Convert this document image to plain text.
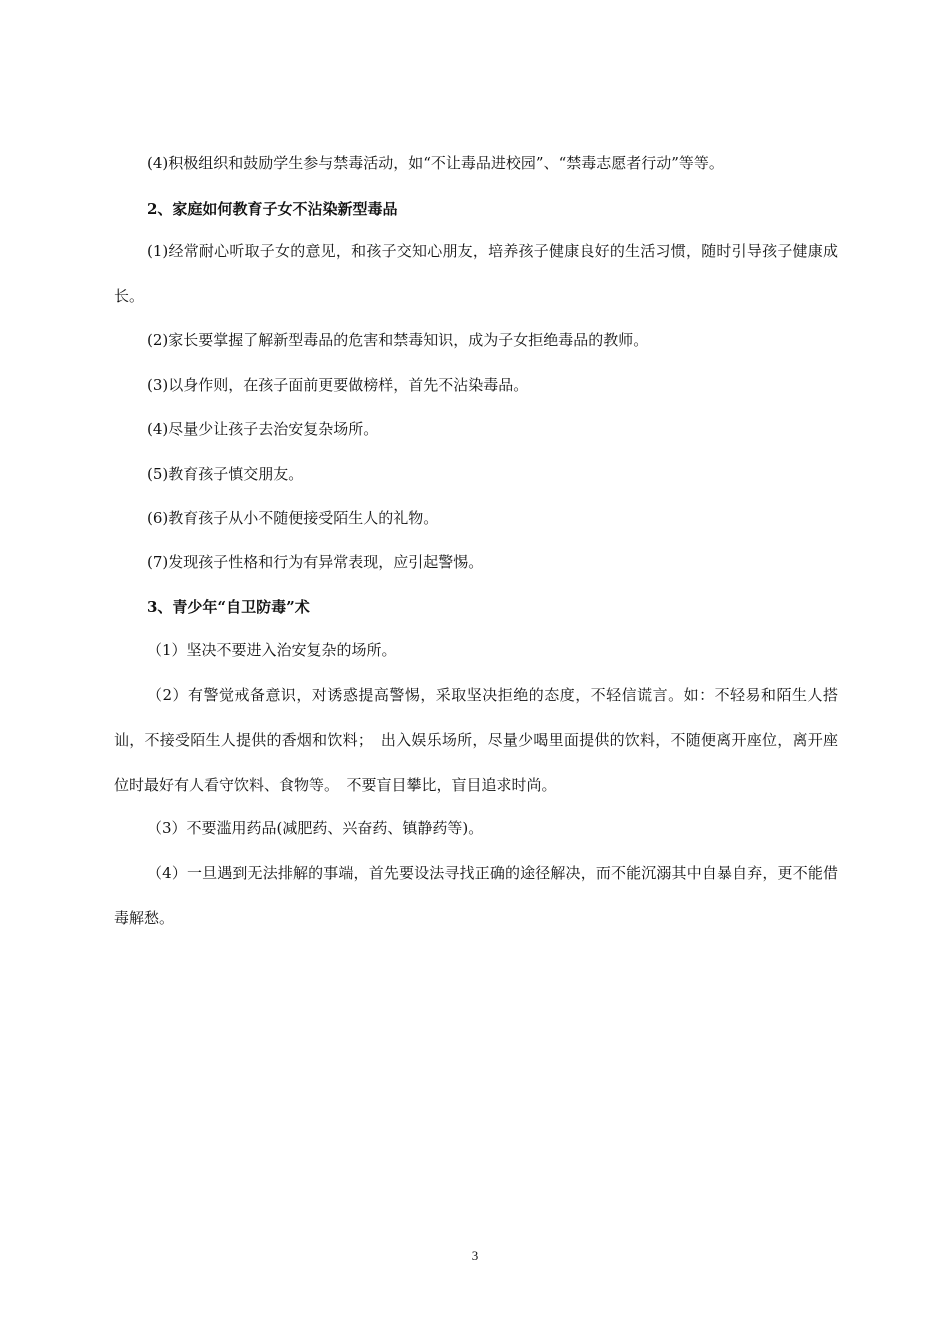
(4)积极组织和鼓励学生参与禁毒活动，如“不让毒品进校园”、“禁毒志愿者行动”等等。
2、家庭如何教育子女不沾染新型毒品
(1)经常耐心听取子女的意见，和孩子交知心朋友，培养孩子健康良好的生活习惯，随时引导孩子健康成长。
(2)家长要掌握了解新型毒品的危害和禁毒知识，成为子女拒绝毒品的教师。
(3)以身作则，在孩子面前更要做榜样，首先不沾染毒品。
(4)尽量少让孩子去治安复杂场所。
(5)教育孩子慎交朋友。
(6)教育孩子从小不随便接受陌生人的礼物。
(7)发现孩子性格和行为有异常表现，应引起警惕。
3、青少年“自卫防毒”术
（1）坚决不要进入治安复杂的场所。
（2）有警觉戒备意识，对诱惑提高警惕，采取坚决拒绝的态度，不轻信谎言。如：不轻易和陌生人搭讪，不接受陌生人提供的香烟和饮料；　出入娱乐场所，尽量少喝里面提供的饮料，不随便离开座位，离开座位时最好有人看守饮料、食物等。　不要盲目攀比，盲目追求时尚。
（3）不要滥用药品(减肥药、兴奋药、镇静药等)。
（4）一旦遇到无法排解的事端，首先要设法寻找正确的途径解决，而不能沉溺其中自暴自弃，更不能借毒解愁。
3
